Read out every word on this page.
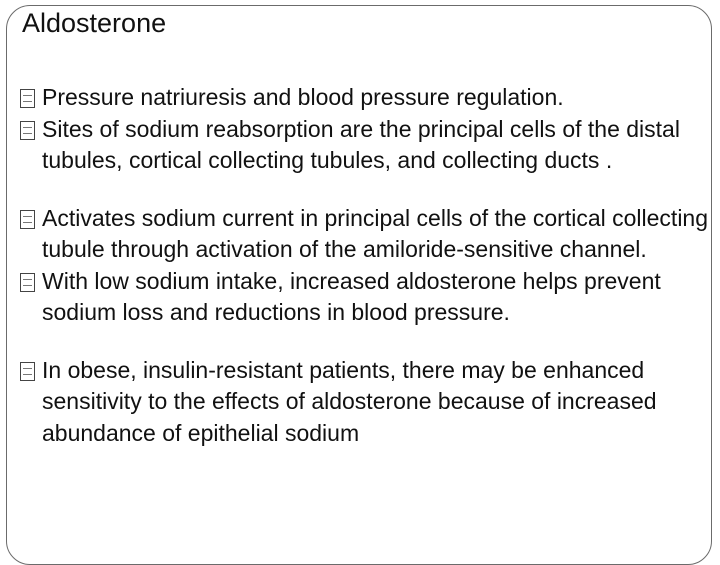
Aldosterone
Pressure natriuresis and blood pressure regulation.
Sites of sodium reabsorption are the principal cells of the distal tubules, cortical collecting tubules, and collecting ducts .
Activates sodium current in principal cells of the cortical collecting tubule through activation of the amiloride-sensitive channel.
With low sodium intake, increased aldosterone helps prevent sodium loss and reductions in blood pressure.
In obese, insulin-resistant patients, there may be enhanced sensitivity to the effects of aldosterone because of increased abundance of epithelial sodium
